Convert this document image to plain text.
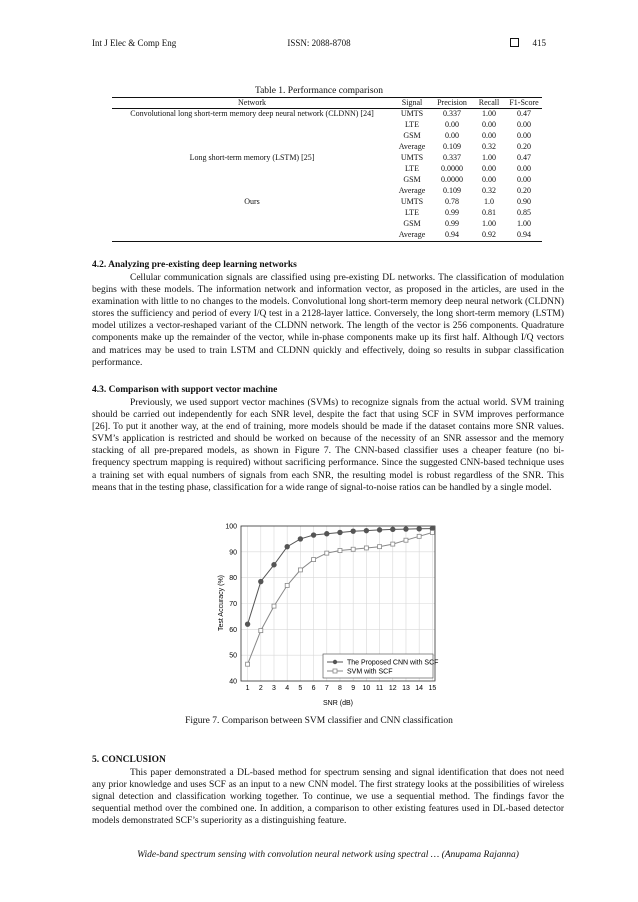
Int J Elec & Comp Eng	ISSN: 2088-8708	415
Table 1. Performance comparison
Network	Signal	Precision	Recall	F1-Score
Convolutional long short-term memory deep neural network (CLDNN) [24]	UMTS	0.337	1.00	0.47
	LTE	0.00	0.00	0.00
	GSM	0.00	0.00	0.00
	Average	0.109	0.32	0.20
Long short-term memory (LSTM) [25]	UMTS	0.337	1.00	0.47
	LTE	0.0000	0.00	0.00
	GSM	0.0000	0.00	0.00
	Average	0.109	0.32	0.20
Ours	UMTS	0.78	1.0	0.90
	LTE	0.99	0.81	0.85
	GSM	0.99	1.00	1.00
	Average	0.94	0.92	0.94
4.2. Analyzing pre-existing deep learning networks

Cellular communication signals are classified using pre-existing DL networks. The classification of modulation begins with these models. The information network and information vector, as proposed in the articles, are used in the examination with little to no changes to the models. Convolutional long short-term memory deep neural network (CLDNN) stores the sufficiency and period of every I/Q test in a 2128-layer lattice. Conversely, the long short-term memory (LSTM) model utilizes a vector-reshaped variant of the CLDNN network. The length of the vector is 256 components. Quadrature components make up the remainder of the vector, while in-phase components make up its first half. Although I/Q vectors and matrices may be used to train LSTM and CLDNN quickly and effectively, doing so results in subpar classification performance.

4.3. Comparison with support vector machine

Previously, we used support vector machines (SVMs) to recognize signals from the actual world. SVM training should be carried out independently for each SNR level, despite the fact that using SCF in SVM improves performance [26]. To put it another way, at the end of training, more models should be made if the dataset contains more SNR values. SVM’s application is restricted and should be worked on because of the necessity of an SNR assessor and the memory stacking of all pre-prepared models, as shown in Figure 7. The CNN-based classifier uses a cheaper feature (no bi-frequency spectrum mapping is required) without sacrificing performance. Since the suggested CNN-based technique uses a training set with equal numbers of signals from each SNR, the resulting model is robust regardless of the SNR. This means that in the testing phase, classification for a wide range of signal-to-noise ratios can be handled by a single model.

40
50
60
70
80
90
100
1 2 3 4 5 6 7 8 9 10 11 12 13 14 15
SNR (dB)
Test Accuracy (%)
The Proposed CNN with SCF
SVM with SCF
Figure 7. Comparison between SVM classifier and CNN classification
5. CONCLUSION

This paper demonstrated a DL-based method for spectrum sensing and signal identification that does not need any prior knowledge and uses SCF as an input to a new CNN model. The first strategy looks at the possibilities of wireless signal detection and classification working together. To continue, we use a sequential method. The findings favor the sequential method over the combined one. In addition, a comparison to other existing features used in DL-based detector models demonstrated SCF’s superiority as a distinguishing feature.

Wide-band spectrum sensing with convolution neural network using spectral … (Anupama Rajanna)
